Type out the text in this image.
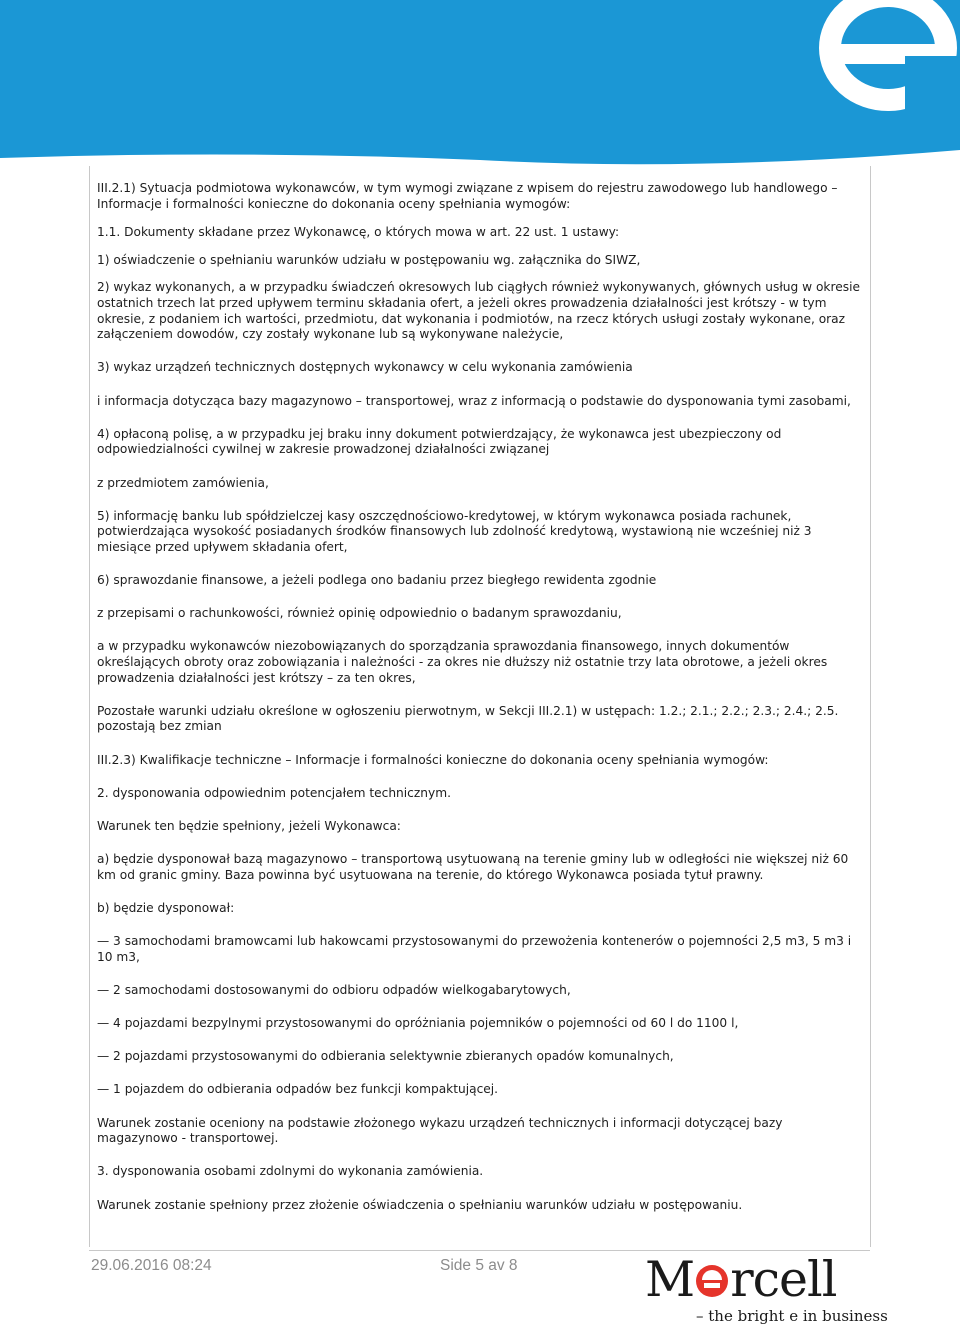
III.2.1) Sytuacja podmiotowa wykonawców, w tym wymogi związane z wpisem do rejestru zawodowego lub handlowego – Informacje i formalności konieczne do dokonania oceny spełniania wymogów:

1.1. Dokumenty składane przez Wykonawcę, o których mowa w art. 22 ust. 1 ustawy:

1) oświadczenie o spełnianiu warunków udziału w postępowaniu wg. załącznika do SIWZ,

2) wykaz wykonanych, a w przypadku świadczeń okresowych lub ciągłych również wykonywanych, głównych usług w okresie ostatnich trzech lat przed upływem terminu składania ofert, a jeżeli okres prowadzenia działalności jest krótszy - w tym okresie, z podaniem ich wartości, przedmiotu, dat wykonania i podmiotów, na rzecz których usługi zostały wykonane, oraz załączeniem dowodów, czy zostały wykonane lub są wykonywane należycie,

3) wykaz urządzeń technicznych dostępnych wykonawcy w celu wykonania zamówienia

i informacja dotycząca bazy magazynowo – transportowej, wraz z informacją o podstawie do dysponowania tymi zasobami,

4) opłaconą polisę, a w przypadku jej braku inny dokument potwierdzający, że wykonawca jest ubezpieczony od odpowiedzialności cywilnej w zakresie prowadzonej działalności związanej

z przedmiotem zamówienia,

5) informację banku lub spółdzielczej kasy oszczędnościowo-kredytowej, w którym wykonawca posiada rachunek, potwierdzająca wysokość posiadanych środków finansowych lub zdolność kredytową, wystawioną nie wcześniej niż 3 miesiące przed upływem składania ofert,

6) sprawozdanie finansowe, a jeżeli podlega ono badaniu przez biegłego rewidenta zgodnie

z przepisami o rachunkowości, również opinię odpowiednio o badanym sprawozdaniu,

a w przypadku wykonawców niezobowiązanych do sporządzania sprawozdania finansowego, innych dokumentów określających obroty oraz zobowiązania i należności - za okres nie dłuższy niż ostatnie trzy lata obrotowe, a jeżeli okres prowadzenia działalności jest krótszy – za ten okres,

Pozostałe warunki udziału określone w ogłoszeniu pierwotnym, w Sekcji III.2.1) w ustępach: 1.2.; 2.1.; 2.2.; 2.3.; 2.4.; 2.5. pozostają bez zmian

III.2.3) Kwalifikacje techniczne – Informacje i formalności konieczne do dokonania oceny spełniania wymogów:

2. dysponowania odpowiednim potencjałem technicznym.

Warunek ten będzie spełniony, jeżeli Wykonawca:

a) będzie dysponował bazą magazynowo – transportową usytuowaną na terenie gminy lub w odległości nie większej niż 60 km od granic gminy. Baza powinna być usytuowana na terenie, do którego Wykonawca posiada tytuł prawny.

b) będzie dysponował:

— 3 samochodami bramowcami lub hakowcami przystosowanymi do przewożenia kontenerów o pojemności 2,5 m3, 5 m3 i 10 m3,

— 2 samochodami dostosowanymi do odbioru odpadów wielkogabarytowych,

— 4 pojazdami bezpylnymi przystosowanymi do opróżniania pojemników o pojemności od 60 l do 1100 l,

— 2 pojazdami przystosowanymi do odbierania selektywnie zbieranych opadów komunalnych,

— 1 pojazdem do odbierania odpadów bez funkcji kompaktującej.

Warunek zostanie oceniony na podstawie złożonego wykazu urządzeń technicznych i informacji dotyczącej bazy magazynowo - transportowej.

3. dysponowania osobami zdolnymi do wykonania zamówienia.

Warunek zostanie spełniony przez złożenie oświadczenia o spełnianiu warunków udziału w postępowaniu.

29.06.2016 08:24	Side 5 av 8	M rcell
– the bright e in business
